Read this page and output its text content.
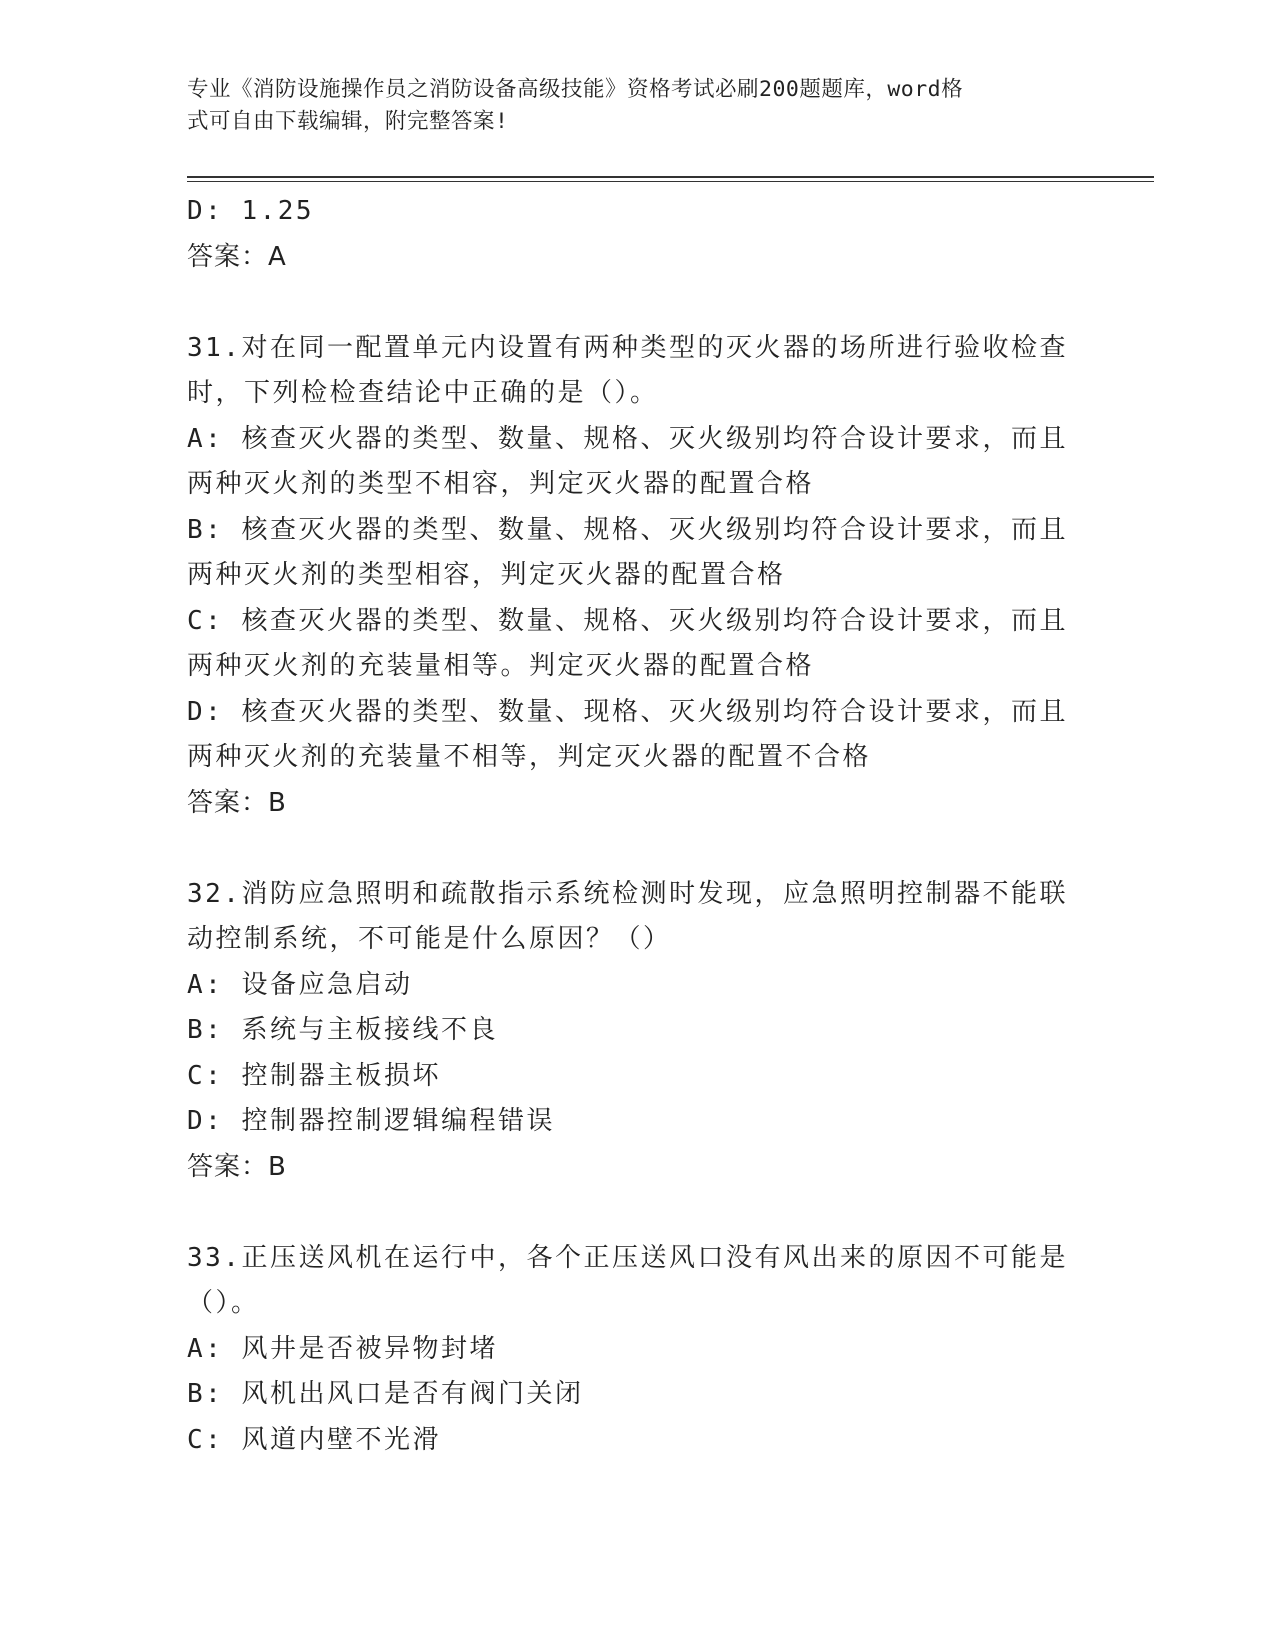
专业《消防设施操作员之消防设备高级技能》资格考试必刷200题题库，word格
式可自由下载编辑，附完整答案!
D: 1.25
答案：A
31.对在同一配置单元内设置有两种类型的灭火器的场所进行验收检查
时，下列检检查结论中正确的是（）。
A: 核查灭火器的类型、数量、规格、灭火级别均符合设计要求，而且
两种灭火剂的类型不相容，判定灭火器的配置合格
B: 核查灭火器的类型、数量、规格、灭火级别均符合设计要求，而且
两种灭火剂的类型相容，判定灭火器的配置合格
C: 核查灭火器的类型、数量、规格、灭火级别均符合设计要求，而且
两种灭火剂的充装量相等。判定灭火器的配置合格
D: 核查灭火器的类型、数量、现格、灭火级别均符合设计要求，而且
两种灭火剂的充装量不相等，判定灭火器的配置不合格
答案：B
32.消防应急照明和疏散指示系统检测时发现，应急照明控制器不能联
动控制系统，不可能是什么原因？（）
A: 设备应急启动
B: 系统与主板接线不良
C: 控制器主板损坏
D: 控制器控制逻辑编程错误
答案：B
33.正压送风机在运行中，各个正压送风口没有风出来的原因不可能是
（）。
A: 风井是否被异物封堵
B: 风机出风口是否有阀门关闭
C: 风道内壁不光滑
